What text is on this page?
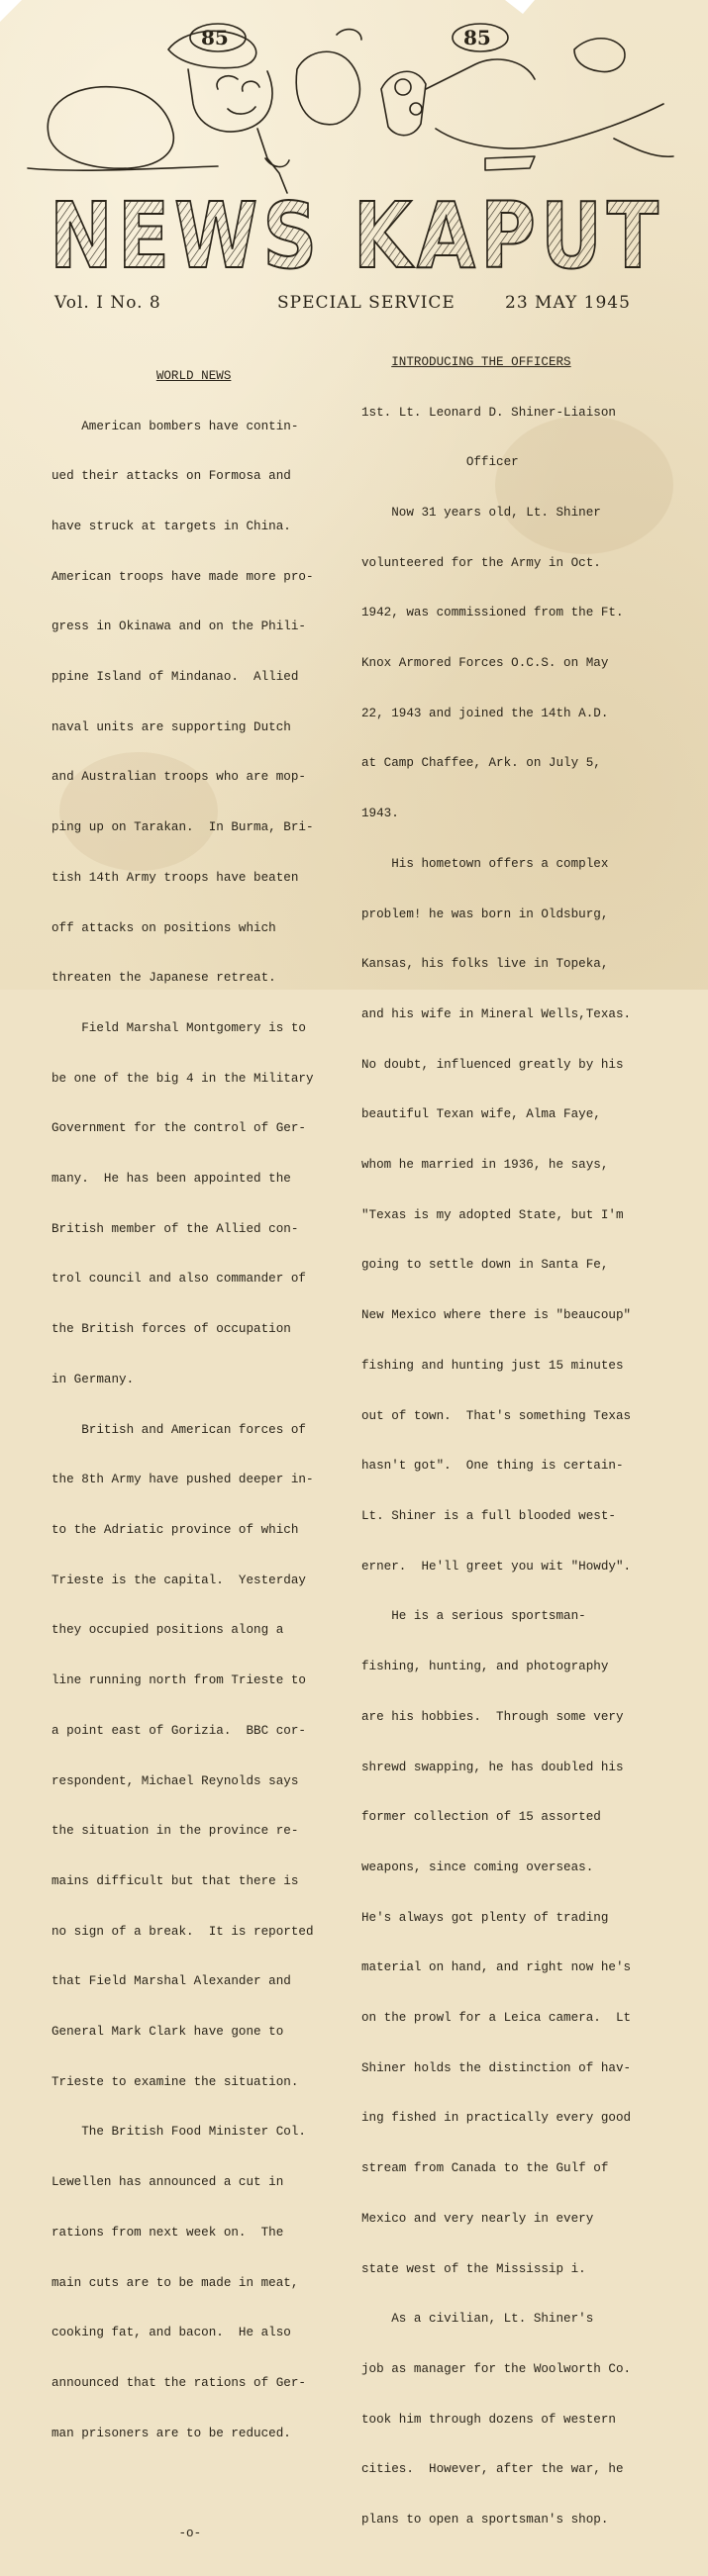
85	85
NEWS KAPUT
Vol. I No. 8	SPECIAL SERVICE	23 MAY 1945

WORLD NEWS

American bombers have contin-

ued their attacks on Formosa and

have struck at targets in China.

American troops have made more pro-

gress in Okinawa and on the Phili-

ppine Island of Mindanao.  Allied

naval units are supporting Dutch

and Australian troops who are mop-

ping up on Tarakan.  In Burma, Bri-

tish 14th Army troops have beaten

off attacks on positions which

threaten the Japanese retreat.

Field Marshal Montgomery is to

be one of the big 4 in the Military

Government for the control of Ger-

many.  He has been appointed the

British member of the Allied con-

trol council and also commander of

the British forces of occupation

in Germany.

British and American forces of

the 8th Army have pushed deeper in-

to the Adriatic province of which

Trieste is the capital.  Yesterday

they occupied positions along a

line running north from Trieste to

a point east of Gorizia.  BBC cor-

respondent, Michael Reynolds says

the situation in the province re-

mains difficult but that there is

no sign of a break.  It is reported

that Field Marshal Alexander and

General Mark Clark have gone to

Trieste to examine the situation.

The British Food Minister Col.

Lewellen has announced a cut in

rations from next week on.  The

main cuts are to be made in meat,

cooking fat, and bacon.  He also

announced that the rations of Ger-

man prisoners are to be reduced.

-o-

INTRODUCING THE OFFICERS

1st. Lt. Leonard D. Shiner-Liaison

Officer

Now 31 years old, Lt. Shiner

volunteered for the Army in Oct.

1942, was commissioned from the Ft.

Knox Armored Forces O.C.S. on May

22, 1943 and joined the 14th A.D.

at Camp Chaffee, Ark. on July 5,

1943.

His hometown offers a complex

problem! he was born in Oldsburg,

Kansas, his folks live in Topeka,

and his wife in Mineral Wells,Texas.

No doubt, influenced greatly by his

beautiful Texan wife, Alma Faye,

whom he married in 1936, he says,

"Texas is my adopted State, but I'm

going to settle down in Santa Fe,

New Mexico where there is "beaucoup"

fishing and hunting just 15 minutes

out of town.  That's something Texas

hasn't got".  One thing is certain-

Lt. Shiner is a full blooded west-

erner.  He'll greet you wit "Howdy".

He is a serious sportsman-

fishing, hunting, and photography

are his hobbies.  Through some very

shrewd swapping, he has doubled his

former collection of 15 assorted

weapons, since coming overseas.

He's always got plenty of trading

material on hand, and right now he's

on the prowl for a Leica camera.  Lt

Shiner holds the distinction of hav-

ing fished in practically every good

stream from Canada to the Gulf of

Mexico and very nearly in every

state west of the Mississip i.

As a civilian, Lt. Shiner's

job as manager for the Woolworth Co.

took him through dozens of western

cities.  However, after the war, he

plans to open a sportsman's shop.
